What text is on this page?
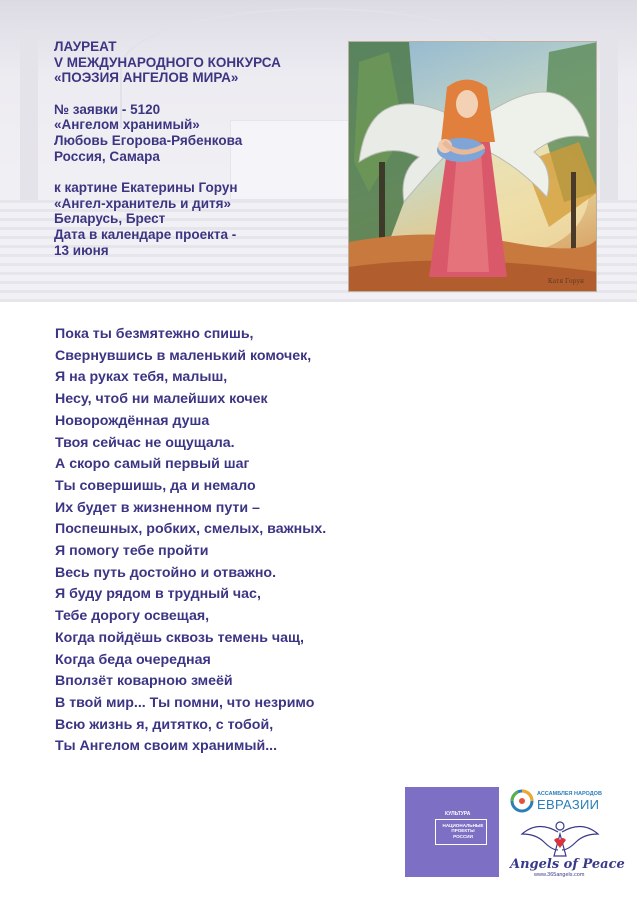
ЛАУРЕАТ

V МЕЖДУНАРОДНОГО КОНКУРСА

«ПОЭЗИЯ АНГЕЛОВ МИРА»

№ заявки - 5120

«Ангелом хранимый»

Любовь Егорова-Рябенкова

Россия, Самара

к картине Екатерины Горун

«Ангел-хранитель и дитя»

Беларусь, Брест

Дата в календаре проекта -

13 июня

Катя Горун

Пока ты безмятежно спишь,

Свернувшись в маленький комочек,

Я на руках тебя, малыш,

Несу, чтоб ни малейших кочек

Новорождённая душа

Твоя сейчас не ощущала.

А скоро самый первый шаг

Ты совершишь, да и немало

Их будет в жизненном пути –

Поспешных, робких, смелых, важных.

Я помогу тебе пройти

Весь путь достойно и отважно.

Я буду рядом в трудный час,

Тебе дорогу освещая,

Когда пойдёшь сквозь темень чащ,

Когда беда очередная

Вползёт коварною змеёй

В твой мир... Ты помни, что незримо

Всю жизнь я, дитятко, с тобой,

Ты Ангелом своим хранимый...

КУЛЬТУРА
НАЦИОНАЛЬНЫЕ ПРОЕКТЫ РОССИИ
АССАМБЛЕЯ НАРОДОВ
ЕВРАЗИИ
Angels of Peace
www.365angels.com
